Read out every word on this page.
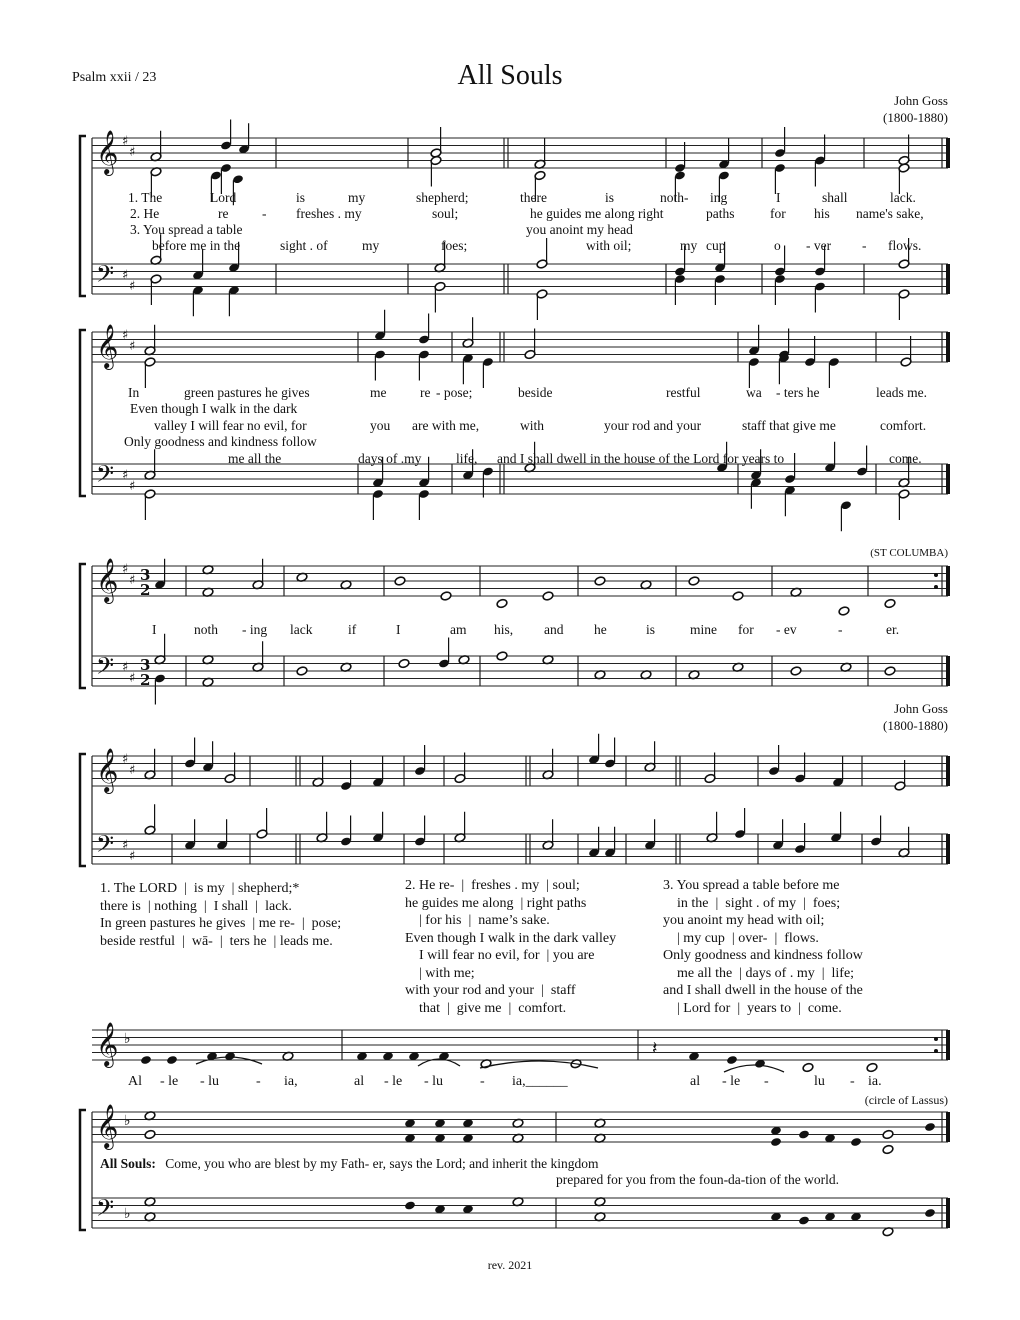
Psalm xxii / 23	All Souls
John Goss
(1800-1880)
𝄞
𝄢
♯
♯
♯
♯
𝄞
𝄢
♯
♯
♯
♯
𝄞
𝄢
♯
♯
♯
♯
3
2
3
2
𝄞
𝄢
♯
♯
♯
♯
𝄞 ♭	𝄽
𝄞
𝄢
♭
♭
1. The	Lord	is	my	shepherd;	there	is	noth- ing	I	shall	lack.
2. He	re - freshes . my	soul;	he guides me along right	paths	for his name's sake,
3. You spread a table	you anoint my head
before me in the	sight . of	my	foes;	with oil;	my cup	o - ver - flows.
In	green pastures he gives	me re - pose;	beside	restful	wa - ters he	leads me.
Even though I walk in the dark
valley I will fear no evil, for	you are with me,	with	your rod and your	staff that give me	comfort.
Only goodness and kindness follow
me all the	days of .my	life, and I shall dwell in the house of the Lord for years to	come.
(ST COLUMBA)
I	noth - ing lack	if	I	am his, and he	is	mine for - ev	-	er.
John Goss
(1800-1880)
1. The LORD  |  is my  | shepherd;*
there is  | nothing  |  I shall  |  lack.
In green pastures he gives  | me re-  |  pose;
beside restful  |  wā-  |  ters he  | leads me.
2. He re-  |  freshes . my  | soul;
he guides me along  | right paths
| for his  |  name’s sake.
Even though I walk in the dark valley
I will fear no evil, for  | you are
| with me;
with your rod and your  |  staff
that  |  give me  |  comfort.
3. You spread a table before me
in the  |  sight . of my  |  foes;
you anoint my head with oil;
| my cup  | over-  |  flows.
Only goodness and kindness follow
me all the  | days of . my  |  life;
and I shall dwell in the house of the
| Lord for  |  years to  |  come.
Al - le - lu	- ia,	al - le - lu	- ia,______	al - le -	lu - ia.
(circle of Lassus)
All Souls: Come, you who are blest by my Fath- er, says the Lord; and inherit the kingdom
prepared for you from the foun-da-tion of the world.
rev. 2021
